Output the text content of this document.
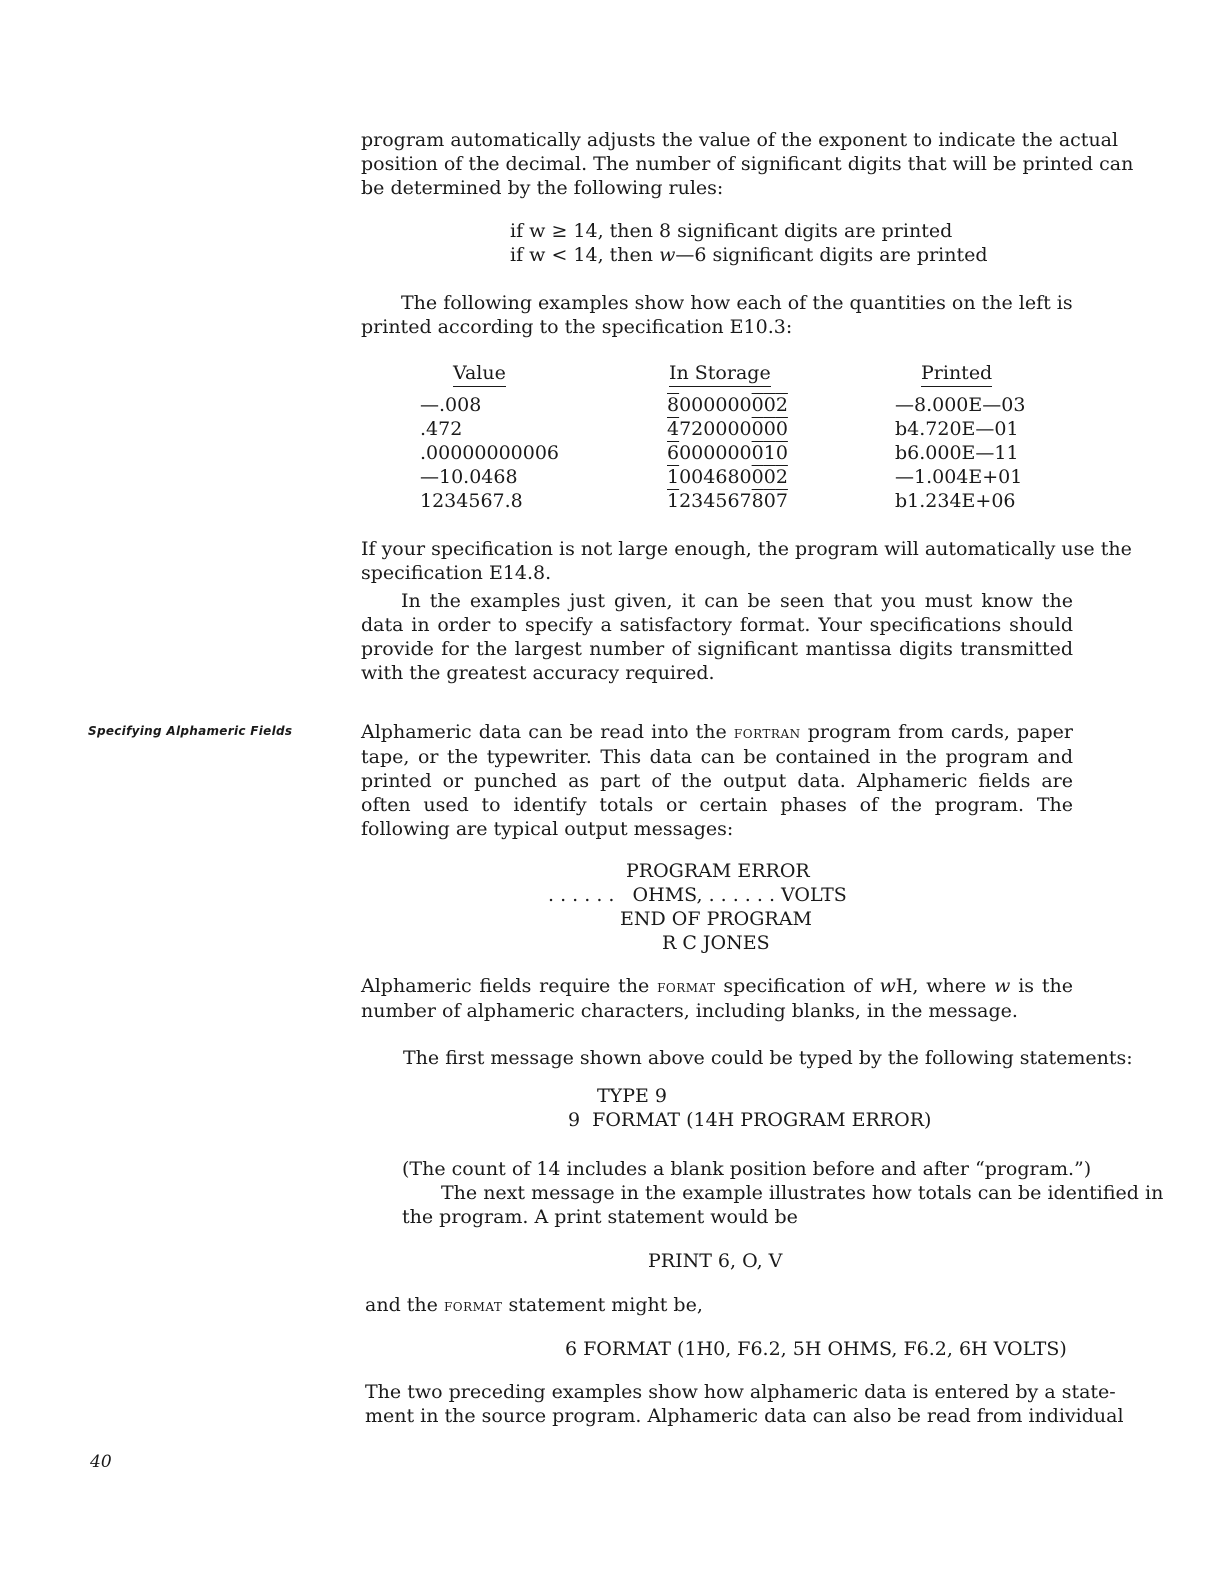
program automatically adjusts the value of the exponent to indicate the actual
position of the decimal. The number of significant digits that will be printed can
be determined by the following rules:
if w ≥ 14, then 8 significant digits are printed
if w < 14, then w—6 significant digits are printed
The following examples show how each of the quantities on the left is
printed according to the specification E10.3:
Value	In Storage	Printed
—.008	8000000002	—8.000E—03
.472	4720000000	b4.720E—01
.00000000006	6000000010	b6.000E—11
—10.0468	1004680002	—1.004E+01
1234567.8	1234567807	b1.234E+06
If your specification is not large enough, the program will automatically use the
specification E14.8.

In the examples just given, it can be seen that you must know the data in order to specify a satisfactory format. Your specifications should provide for the largest number of significant mantissa digits transmitted with the greatest accuracy required.

Specifying Alphameric Fields	Alphameric data can be read into the fortran program from cards, paper tape, or the typewriter. This data can be contained in the program and printed or punched as part of the output data. Alphameric fields are often used to identify totals or certain phases of the program. The following are typical output messages:

PROGRAM ERROR
. . . . . .   OHMS, . . . . . . VOLTS
END OF PROGRAM
R C JONES

Alphameric fields require the format specification of wH, where w is the number of alphameric characters, including blanks, in the message.

The first message shown above could be typed by the following statements:
TYPE 9
9  FORMAT (14H PROGRAM ERROR)
(The count of 14 includes a blank position before and after “program.”)
The next message in the example illustrates how totals can be identified in
the program. A print statement would be
PRINT 6, O, V
and the format statement might be,
6 FORMAT (1H0, F6.2, 5H OHMS, F6.2, 6H VOLTS)
The two preceding examples show how alphameric data is entered by a state-
ment in the source program. Alphameric data can also be read from individual
40
